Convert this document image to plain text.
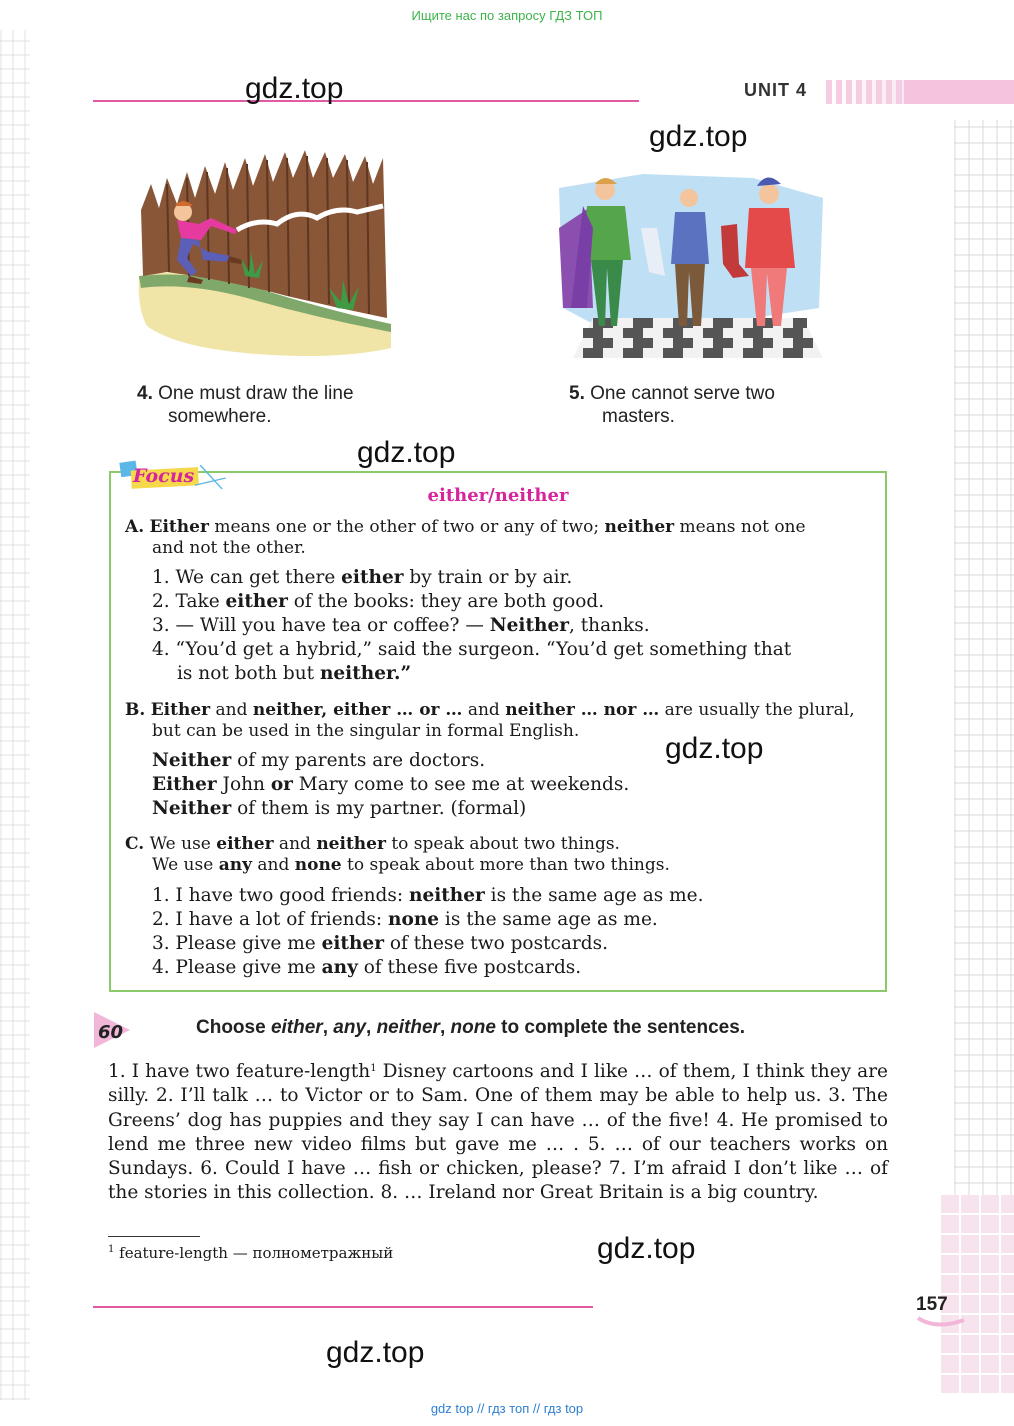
Ищите нас по запросу ГДЗ ТОП
gdz.top	UNIT 4
gdz.top
4. One must draw the line
somewhere.
5. One cannot serve two
masters.
gdz.top
Focus
either/neither
A. Either means one or the other of two or any of two; neither means not one
and not the other.
1. We can get there either by train or by air.
2. Take either of the books: they are both good.
3. — Will you have tea or coffee? — Neither, thanks.
4. “You’d get a hybrid,” said the surgeon. “You’d get something that
is not both but neither.”
B. Either and neither, either … or … and neither … nor … are usually the plural,
but can be used in the singular in formal English.
Neither of my parents are doctors.
Either John or Mary come to see me at weekends.
Neither of them is my partner. (formal)
gdz.top
C. We use either and neither to speak about two things.
We use any and none to speak about more than two things.
1. I have two good friends: neither is the same age as me.
2. I have a lot of friends: none is the same age as me.
3. Please give me either of these two postcards.
4. Please give me any of these five postcards.
60	Choose either, any, neither, none to complete the sentences.
1. I have two feature-length$^1$ Disney cartoons and I like … of them, I think they are silly. 2. I’ll talk … to Victor or to Sam. One of them may be able to help us. 3. The Greens’ dog has puppies and they say I can have … of the five! 4. He promised to lend me three new video films but gave me … . 5. … of our teachers works on Sundays. 6. Could I have … fish or chicken, please? 7. I’m afraid I don’t like … of the stories in this collection. 8. … Ireland nor Great Britain is a big country.
$^1$ feature-length — полнометражный	gdz.top
157
gdz.top
gdz top // гдз топ // гдз top
